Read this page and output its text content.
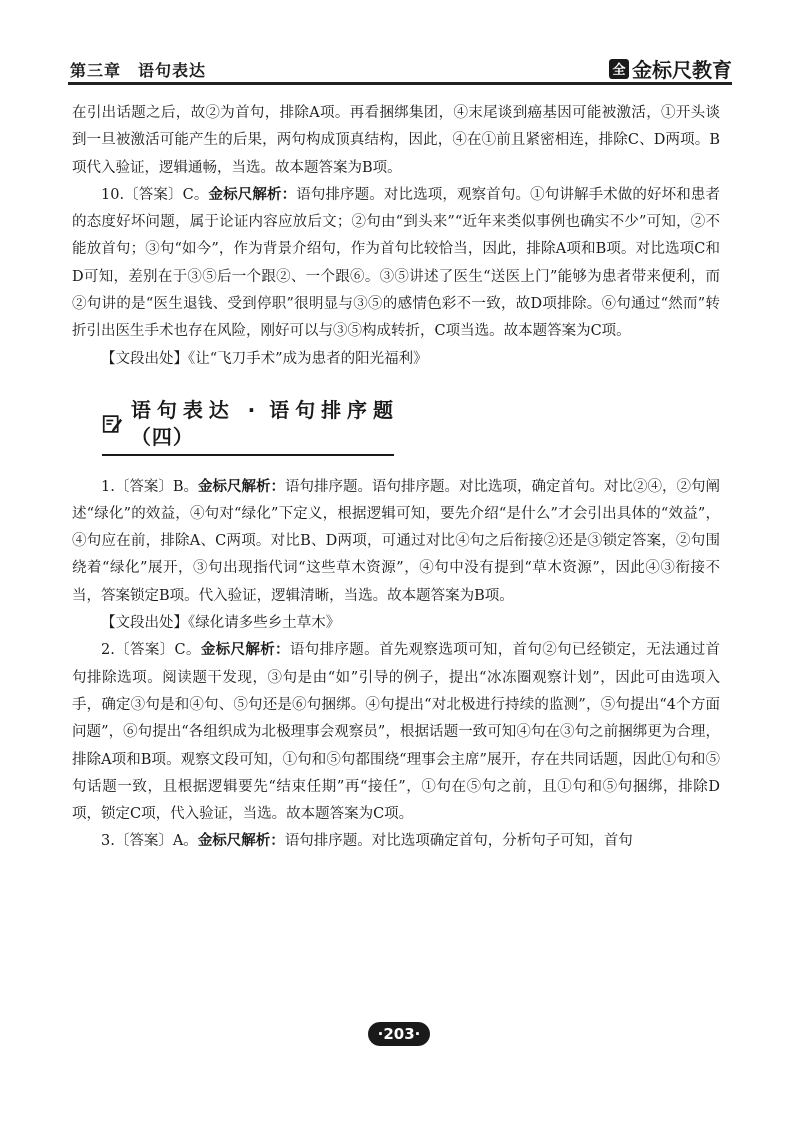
第三章　语句表达	全 金标尺教育

在引出话题之后，故②为首句，排除A项。再看捆绑集团，④末尾谈到癌基因可能被激活，①开头谈到一旦被激活可能产生的后果，两句构成顶真结构，因此，④在①前且紧密相连，排除C、D两项。B项代入验证，逻辑通畅，当选。故本题答案为B项。

10.〔答案〕C。金标尺解析：语句排序题。对比选项，观察首句。①句讲解手术做的好坏和患者的态度好坏问题，属于论证内容应放后文；②句由“到头来”“近年来类似事例也确实不少”可知，②不能放首句；③句“如今”，作为背景介绍句，作为首句比较恰当，因此，排除A项和B项。对比选项C和D可知，差别在于③⑤后一个跟②、一个跟⑥。③⑤讲述了医生“送医上门”能够为患者带来便利，而②句讲的是“医生退钱、受到停职”很明显与③⑤的感情色彩不一致，故D项排除。⑥句通过“然而”转折引出医生手术也存在风险，刚好可以与③⑤构成转折，C项当选。故本题答案为C项。

【文段出处】《让“飞刀手术”成为患者的阳光福利》

语句表达 · 语句排序题（四）

1.〔答案〕B。金标尺解析：语句排序题。语句排序题。对比选项，确定首句。对比②④，②句阐述“绿化”的效益，④句对“绿化”下定义，根据逻辑可知，要先介绍“是什么”才会引出具体的“效益”，④句应在前，排除A、C两项。对比B、D两项，可通过对比④句之后衔接②还是③锁定答案，②句围绕着“绿化”展开，③句出现指代词“这些草木资源”，④句中没有提到“草木资源”，因此④③衔接不当，答案锁定B项。代入验证，逻辑清晰，当选。故本题答案为B项。

【文段出处】《绿化请多些乡土草木》

2.〔答案〕C。金标尺解析：语句排序题。首先观察选项可知，首句②句已经锁定，无法通过首句排除选项。阅读题干发现，③句是由“如”引导的例子，提出“冰冻圈观察计划”，因此可由选项入手，确定③句是和④句、⑤句还是⑥句捆绑。④句提出“对北极进行持续的监测”，⑤句提出“4个方面问题”，⑥句提出“各组织成为北极理事会观察员”，根据话题一致可知④句在③句之前捆绑更为合理，排除A项和B项。观察文段可知，①句和⑤句都围绕“理事会主席”展开，存在共同话题，因此①句和⑤句话题一致，且根据逻辑要先“结束任期”再“接任”，①句在⑤句之前，且①句和⑤句捆绑，排除D项，锁定C项，代入验证，当选。故本题答案为C项。

3.〔答案〕A。金标尺解析：语句排序题。对比选项确定首句，分析句子可知，首句

·203·
